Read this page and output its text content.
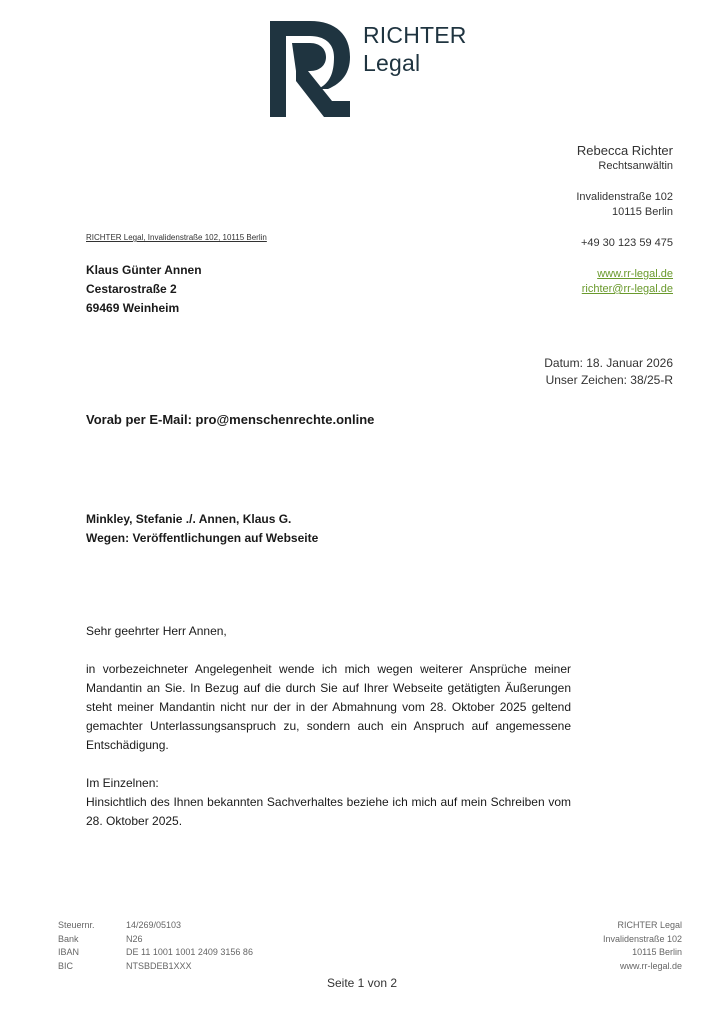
RICHTER
Legal
Rebecca Richter
Rechtsanwältin
Invalidenstraße 102
10115 Berlin
+49 30 123 59 475
www.rr-legal.de
richter@rr-legal.de
RICHTER Legal, Invalidenstraße 102, 10115 Berlin
Klaus Günter Annen
Cestarostraße 2
69469 Weinheim
Datum: 18. Januar 2026
Unser Zeichen: 38/25-R
Vorab per E-Mail: pro@menschenrechte.online
Minkley, Stefanie ./. Annen, Klaus G.
Wegen: Veröffentlichungen auf Webseite

Sehr geehrter Herr Annen,

in vorbezeichneter Angelegenheit wende ich mich wegen weiterer Ansprüche meiner Mandantin an Sie. In Bezug auf die durch Sie auf Ihrer Webseite getätigten Äußerungen steht meiner Mandantin nicht nur der in der Abmahnung vom 28. Oktober 2025 geltend gemachter Unterlassungsanspruch zu, sondern auch ein Anspruch auf angemessene Entschädigung.

Im Einzelnen:

Hinsichtlich des Ihnen bekannten Sachverhaltes beziehe ich mich auf mein Schreiben vom 28. Oktober 2025.

Steuernr.	14/269/05103
Bank	N26
IBAN	DE 11 1001 1001 2409 3156 86
BIC	NTSBDEB1XXX
RICHTER Legal
Invalidenstraße 102
10115 Berlin
www.rr-legal.de
Seite 1 von 2
